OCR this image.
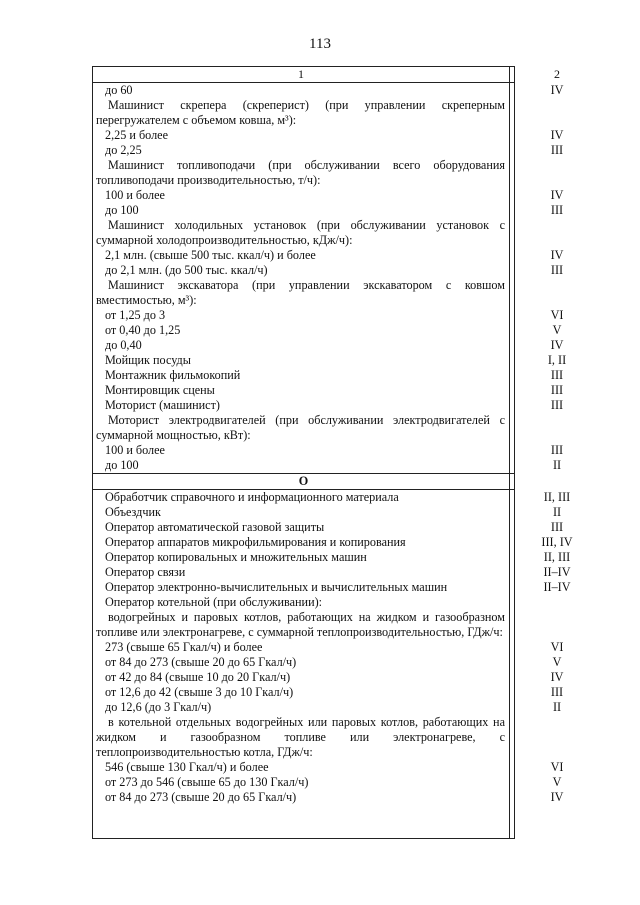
113
1	2
до 60	IV
Машинист скрепера (скреперист) (при управлении скреперным перегружателем с объемом ковша, м³):
2,25 и более	IV
до 2,25	III
Машинист топливоподачи (при обслуживании всего оборудования топливоподачи производительностью, т/ч):
100 и более	IV
до 100	III
Машинист холодильных установок (при обслуживании установок с суммарной холодопроизводительностью, кДж/ч):
2,1 млн. (свыше 500 тыс. ккал/ч) и более	IV
до 2,1 млн. (до 500 тыс. ккал/ч)	III
Машинист экскаватора (при управлении экскаватором с ковшом вместимостью, м³):
от 1,25 до 3	VI
от 0,40 до 1,25	V
до 0,40	IV
Мойщик посуды	I, II
Монтажник фильмокопий	III
Монтировщик сцены	III
Моторист (машинист)	III
Моторист электродвигателей (при обслуживании электродвигателей с суммарной мощностью, кВт):
100 и более	III
до 100	II
О
Обработчик справочного и информационного материала	II, III
Объездчик	II
Оператор автоматической газовой защиты	III
Оператор аппаратов микрофильмирования и копирования	III, IV
Оператор копировальных и множительных машин	II, III
Оператор связи	II–IV
Оператор электронно-вычислительных и вычислительных машин	II–IV
Оператор котельной (при обслуживании):
водогрейных и паровых котлов, работающих на жидком и газообразном топливе или электронагреве, с суммарной теплопроизводительностью, ГДж/ч:
273 (свыше 65 Гкал/ч) и более	VI
от 84 до 273 (свыше 20 до 65 Гкал/ч)	V
от 42 до 84 (свыше 10 до 20 Гкал/ч)	IV
от 12,6 до 42 (свыше 3 до 10 Гкал/ч)	III
до 12,6 (до 3 Гкал/ч)	II
в котельной отдельных водогрейных или паровых котлов, работающих на жидком и газообразном топливе или электронагреве, с теплопроизводительностью котла, ГДж/ч:
546 (свыше 130 Гкал/ч) и более	VI
от 273 до 546 (свыше 65 до 130 Гкал/ч)	V
от 84 до 273 (свыше 20 до 65 Гкал/ч)	IV
